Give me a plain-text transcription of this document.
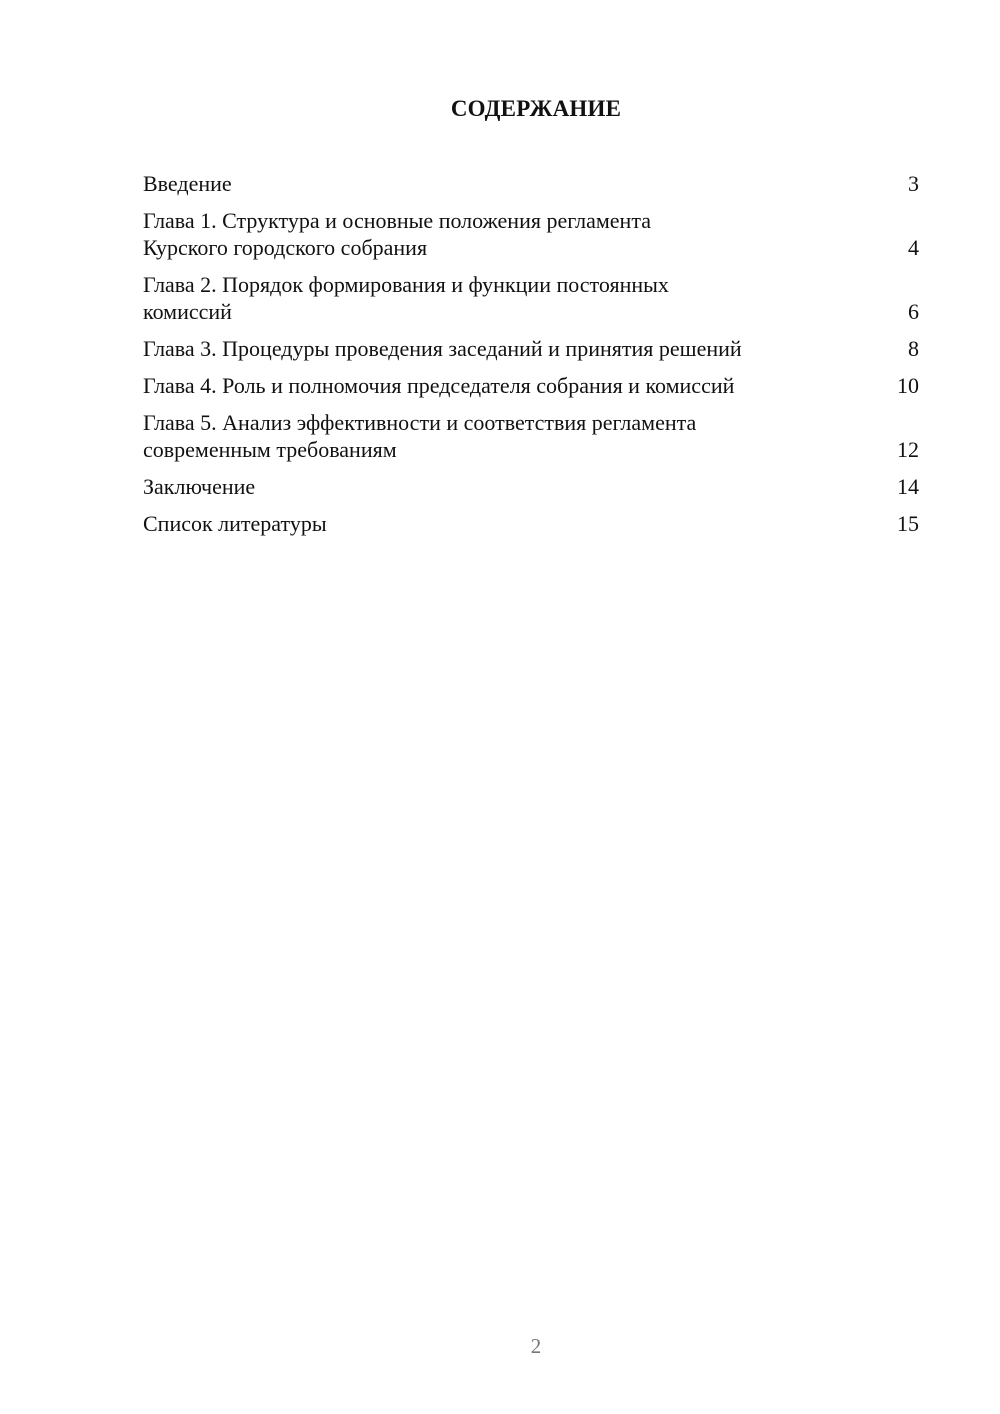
СОДЕРЖАНИЕ
Введение	3
Глава 1. Структура и основные положения регламента
Курского городского собрания	4
Глава 2. Порядок формирования и функции постоянных
комиссий	6
Глава 3. Процедуры проведения заседаний и принятия решений	8
Глава 4. Роль и полномочия председателя собрания и комиссий	10
Глава 5. Анализ эффективности и соответствия регламента
современным требованиям	12
Заключение	14
Список литературы	15
2
